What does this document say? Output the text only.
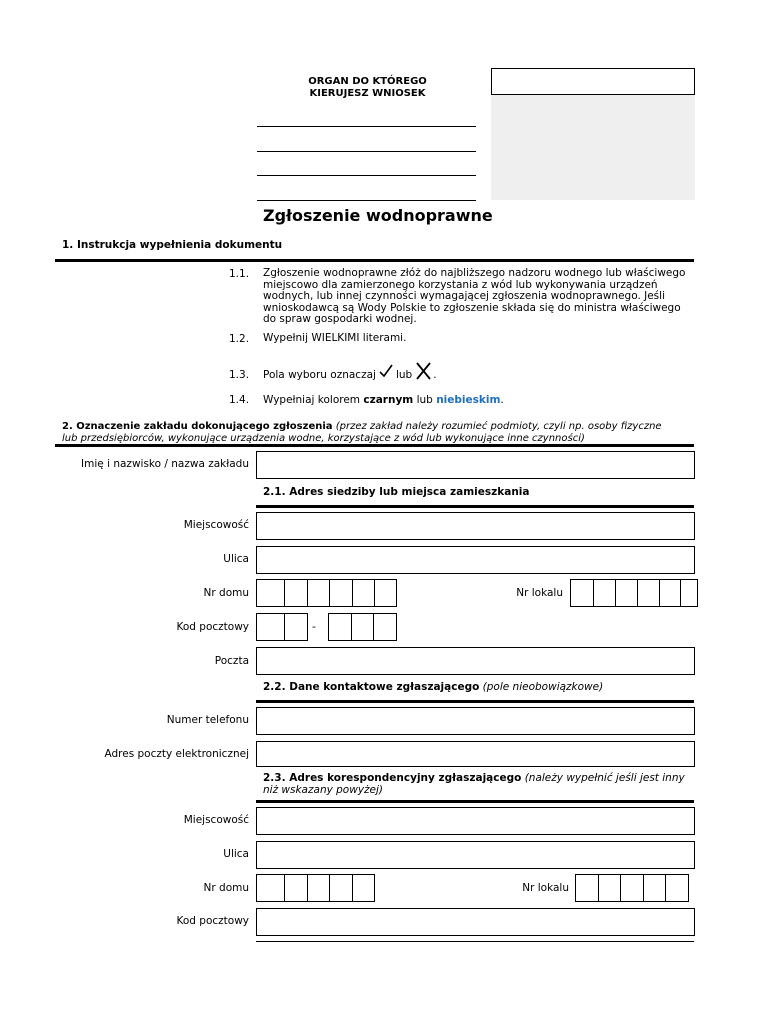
ORGAN DO KTÓREGO
KIERUJESZ WNIOSEK
Zgłoszenie wodnoprawne
1. Instrukcja wypełnienia dokumentu
1.1. Zgłoszenie wodnoprawne złóż do najbliższego nadzoru wodnego lub właściwego miejscowo dla zamierzonego korzystania z wód lub wykonywania urządzeń wodnych, lub innej czynności wymagającej zgłoszenia wodnoprawnego. Jeśli wnioskodawcą są Wody Polskie to zgłoszenie składa się do ministra właściwego do spraw gospodarki wodnej.
1.2. Wypełnij WIELKIMI literami.
1.3. Pola wyboru oznaczaj lub .
1.4. Wypełniaj kolorem czarnym lub niebieskim.
2. Oznaczenie zakładu dokonującego zgłoszenia (przez zakład należy rozumieć podmioty, czyli np. osoby fizyczne
lub przedsiębiorców, wykonujące urządzenia wodne, korzystające z wód lub wykonujące inne czynności)
Imię i nazwisko / nazwa zakładu
2.1. Adres siedziby lub miejsca zamieszkania
Miejscowość
Ulica
Nr domu	Nr lokalu
Kod pocztowy	-
Poczta
2.2. Dane kontaktowe zgłaszającego (pole nieobowiązkowe)
Numer telefonu
Adres poczty elektronicznej
2.3. Adres korespondencyjny zgłaszającego (należy wypełnić jeśli jest inny
niż wskazany powyżej)
Miejscowość
Ulica
Nr domu	Nr lokalu
Kod pocztowy
